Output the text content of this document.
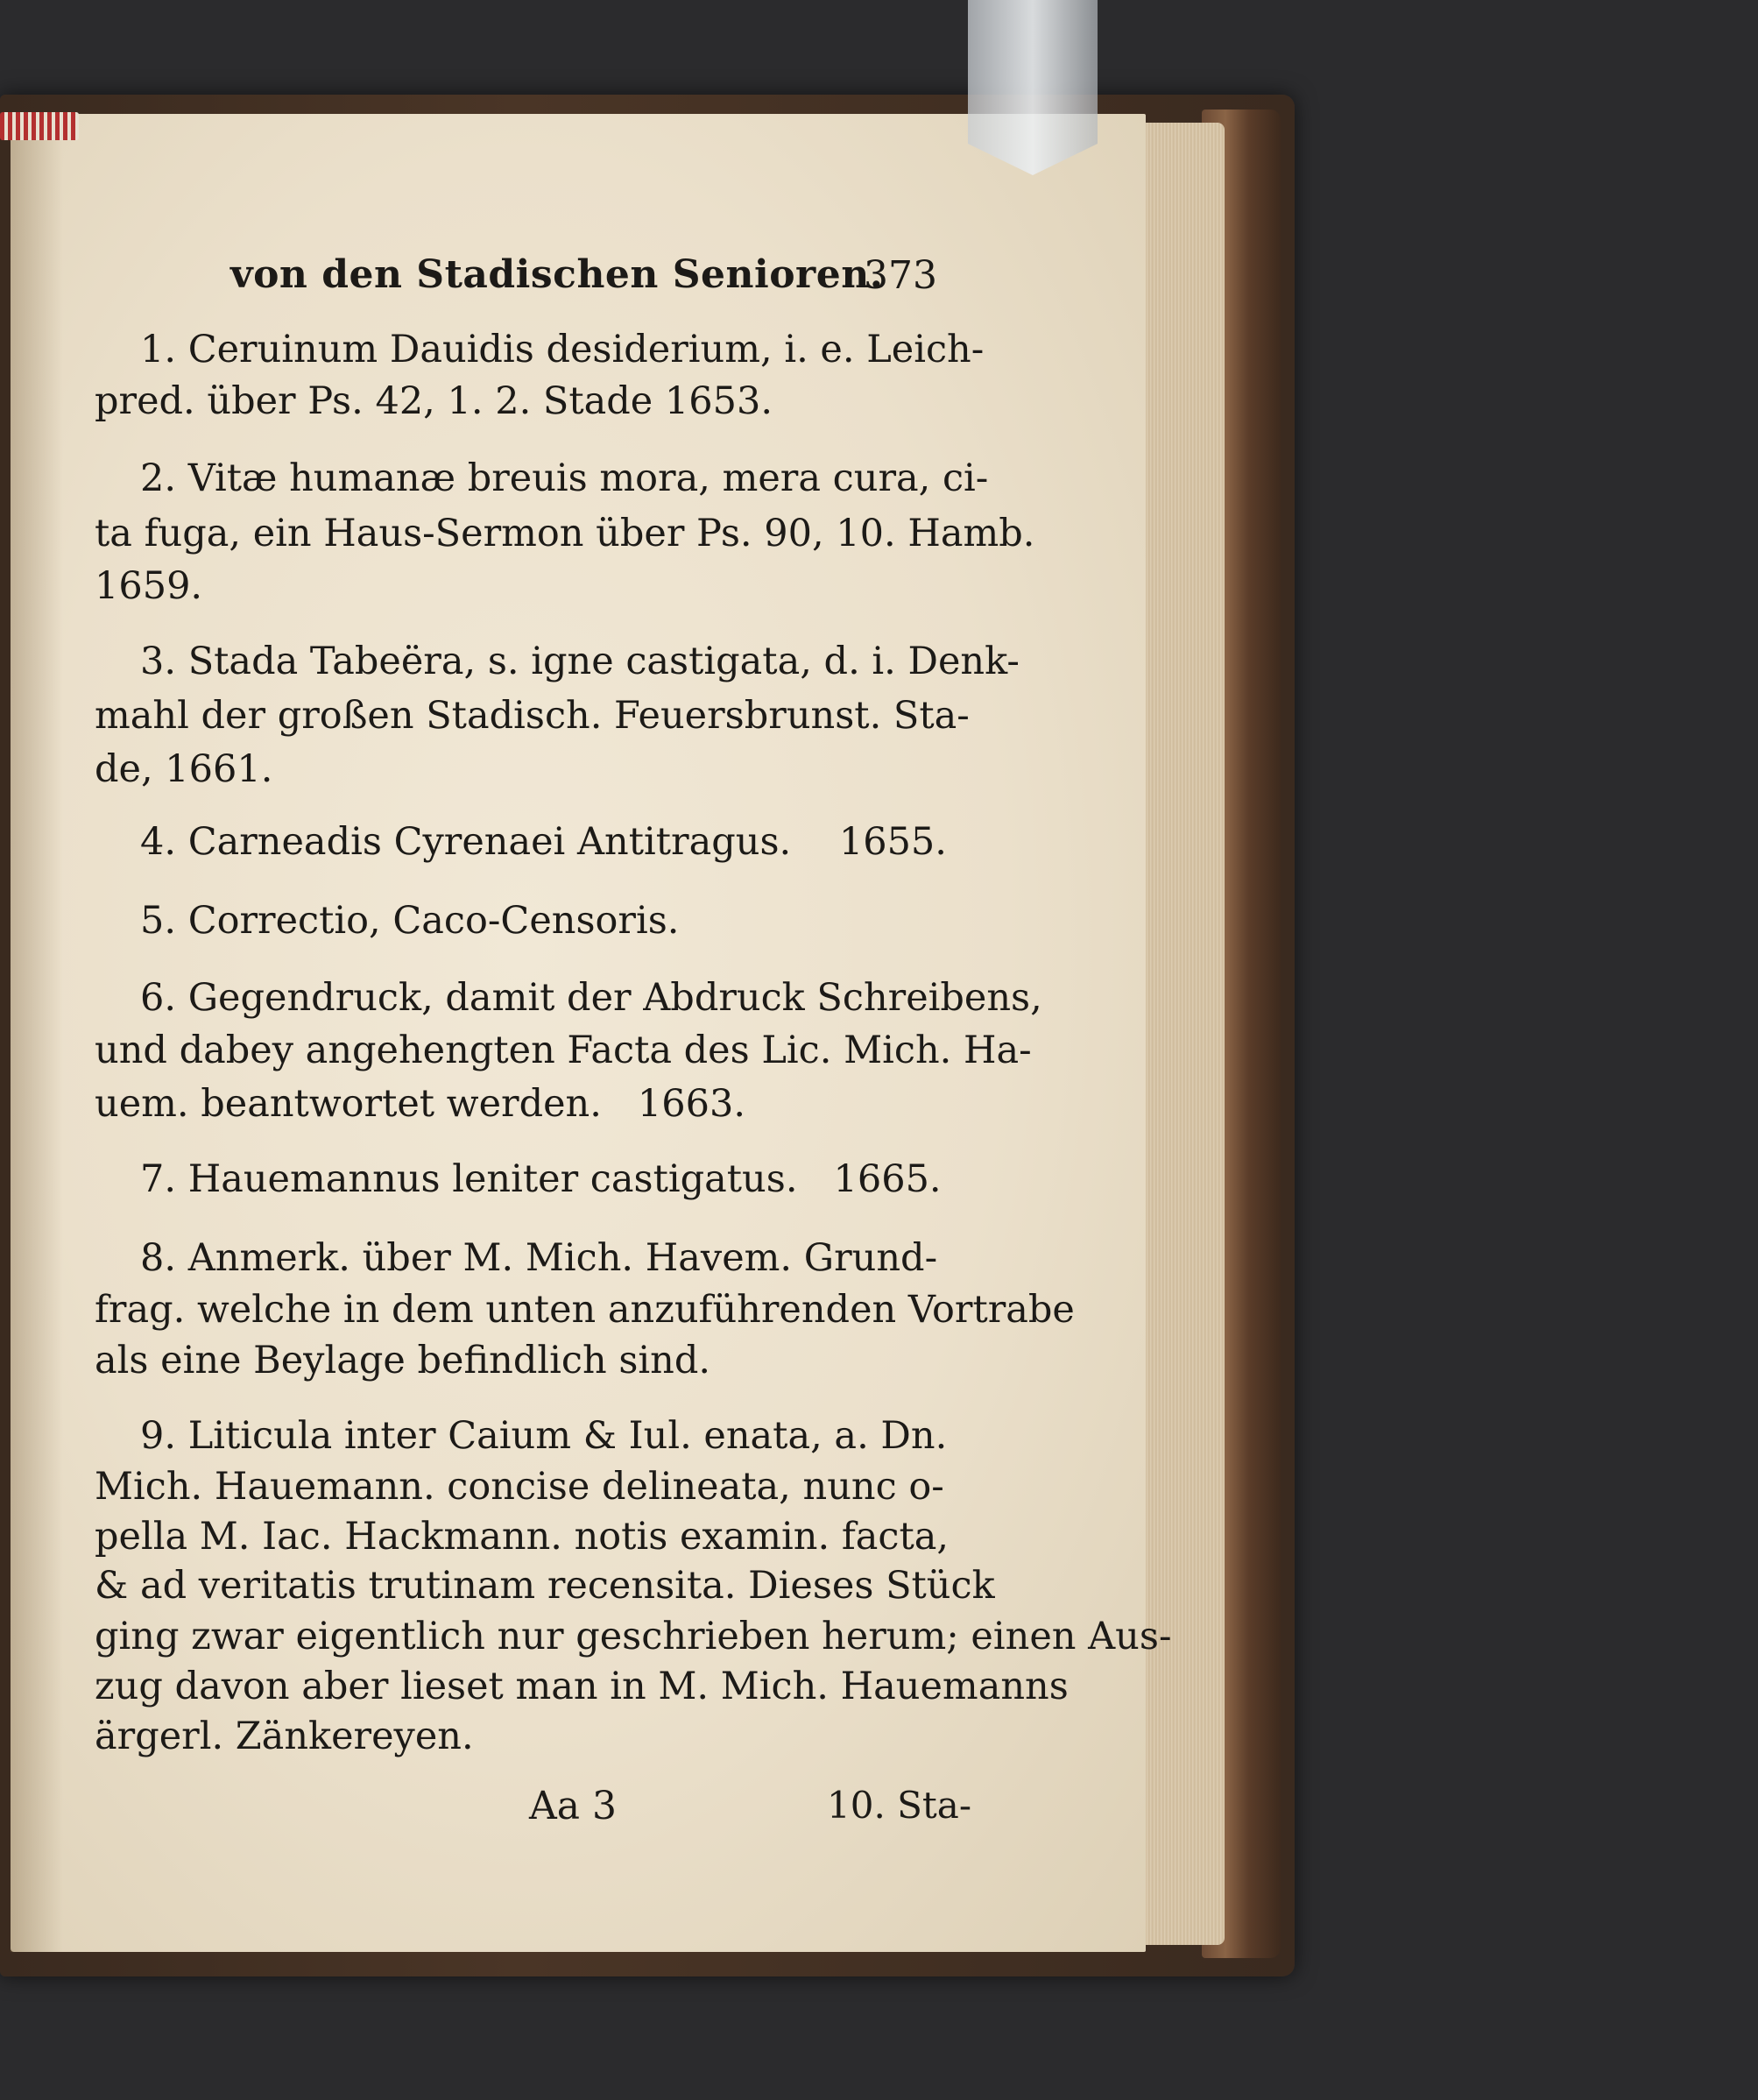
von den Stadischen Senioren.
373
1. Ceruinum Dauidis desiderium, i. e. Leich-
pred. über Ps. 42, 1. 2. Stade 1653.
2. Vitæ humanæ breuis mora, mera cura, ci-
ta fuga, ein Haus-Sermon über Ps. 90, 10. Hamb.
1659.
3. Stada Tabeëra, s. igne castigata, d. i. Denk-
mahl der großen Stadisch. Feuersbrunst. Sta-
de, 1661.
4. Carneadis Cyrenaei Antitragus.    1655.
5. Correctio, Caco-Censoris.
6. Gegendruck, damit der Abdruck Schreibens,
und dabey angehengten Facta des Lic. Mich. Ha-
uem. beantwortet werden.   1663.
7. Hauemannus leniter castigatus.   1665.
8. Anmerk. über M. Mich. Havem. Grund-
frag. welche in dem unten anzuführenden Vortrabe
als eine Beylage befindlich sind.
9. Liticula inter Caium & Iul. enata, a. Dn.
Mich. Hauemann. concise delineata, nunc o-
pella M. Iac. Hackmann. notis examin. facta,
& ad veritatis trutinam recensita. Dieses Stück
ging zwar eigentlich nur geschrieben herum; einen Aus-
zug davon aber lieset man in M. Mich. Hauemanns
ärgerl. Zänkereyen.
Aa 3	10. Sta-
